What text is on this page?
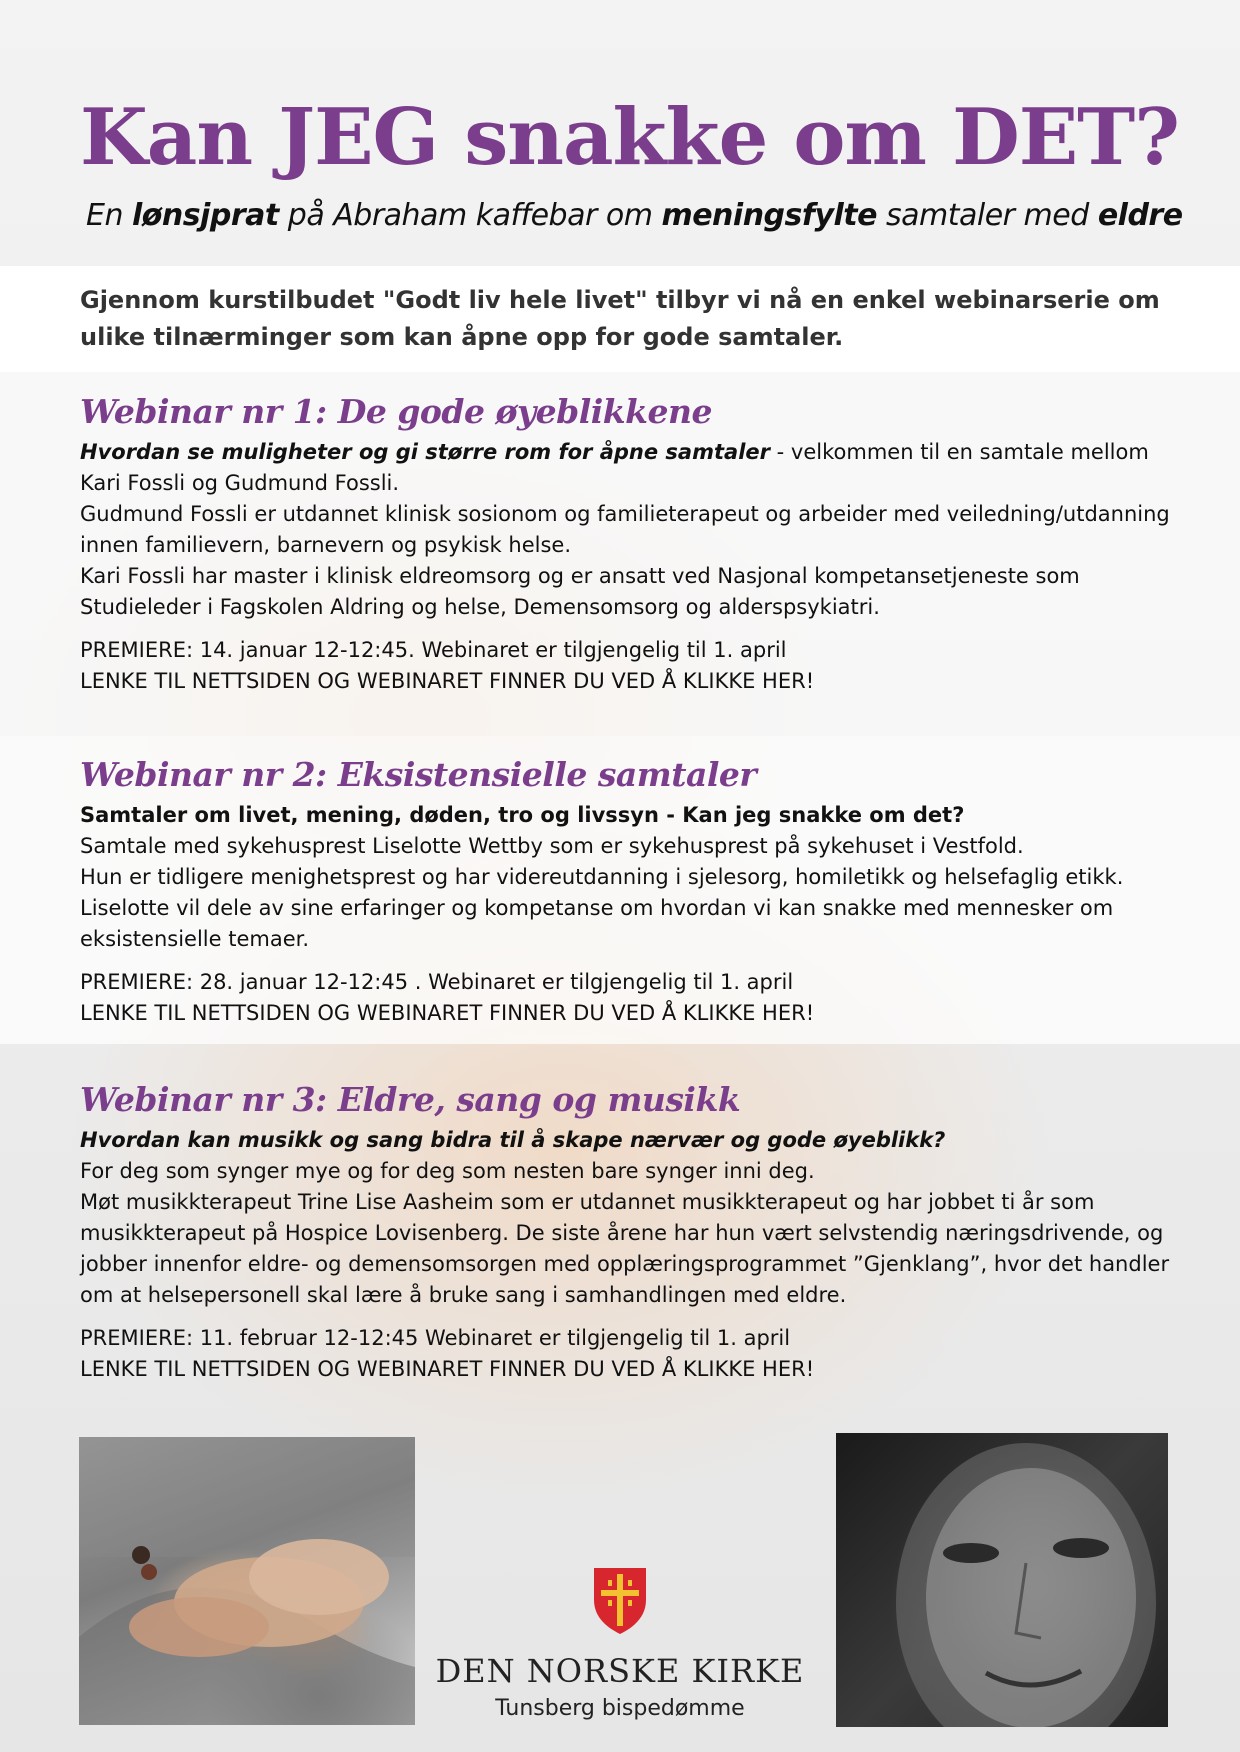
Kan JEG snakke om DET?

En lønsjprat på Abraham kaffebar om meningsfylte samtaler med eldre

Gjennom kurstilbudet "Godt liv hele livet" tilbyr vi nå en enkel webinarserie om ulike tilnærminger som kan åpne opp for gode samtaler.

Webinar nr 1: De gode øyeblikkene

Hvordan se muligheter og gi større rom for åpne samtaler - velkommen til en samtale mellom Kari Fossli og Gudmund Fossli.

Gudmund Fossli er utdannet klinisk sosionom og familieterapeut og arbeider med veiledning/utdanning innen familievern, barnevern og psykisk helse.

Kari Fossli har master i klinisk eldreomsorg og er ansatt ved Nasjonal kompetansetjeneste som Studieleder i Fagskolen Aldring og helse, Demensomsorg og alderspsykiatri.

PREMIERE: 14. januar 12-12:45. Webinaret er tilgjengelig til 1. april

LENKE TIL NETTSIDEN OG WEBINARET FINNER DU VED Å KLIKKE HER!

Webinar nr 2: Eksistensielle samtaler

Samtaler om livet, mening, døden, tro og livssyn - Kan jeg snakke om det?

Samtale med sykehusprest Liselotte Wettby som er sykehusprest på sykehuset i Vestfold.

Hun er tidligere menighetsprest og har videreutdanning i sjelesorg, homiletikk og helsefaglig etikk. Liselotte vil dele av sine erfaringer og kompetanse om hvordan vi kan snakke med mennesker om eksistensielle temaer.

PREMIERE: 28. januar 12-12:45 . Webinaret er tilgjengelig til 1. april

LENKE TIL NETTSIDEN OG WEBINARET FINNER DU VED Å KLIKKE HER!

Webinar nr 3: Eldre, sang og musikk

Hvordan kan musikk og sang bidra til å skape nærvær og gode øyeblikk?

For deg som synger mye og for deg som nesten bare synger inni deg.

Møt musikkterapeut Trine Lise Aasheim som er utdannet musikkterapeut og har jobbet ti år som musikkterapeut på Hospice Lovisenberg. De siste årene har hun vært selvstendig næringsdrivende, og jobber innenfor eldre- og demensomsorgen med opplæringsprogrammet ”Gjenklang”, hvor det handler om at helsepersonell skal lære å bruke sang i samhandlingen med eldre.

PREMIERE: 11. februar 12-12:45 Webinaret er tilgjengelig til 1. april

LENKE TIL NETTSIDEN OG WEBINARET FINNER DU VED Å KLIKKE HER!

DEN NORSKE KIRKE
Tunsberg bispedømme
